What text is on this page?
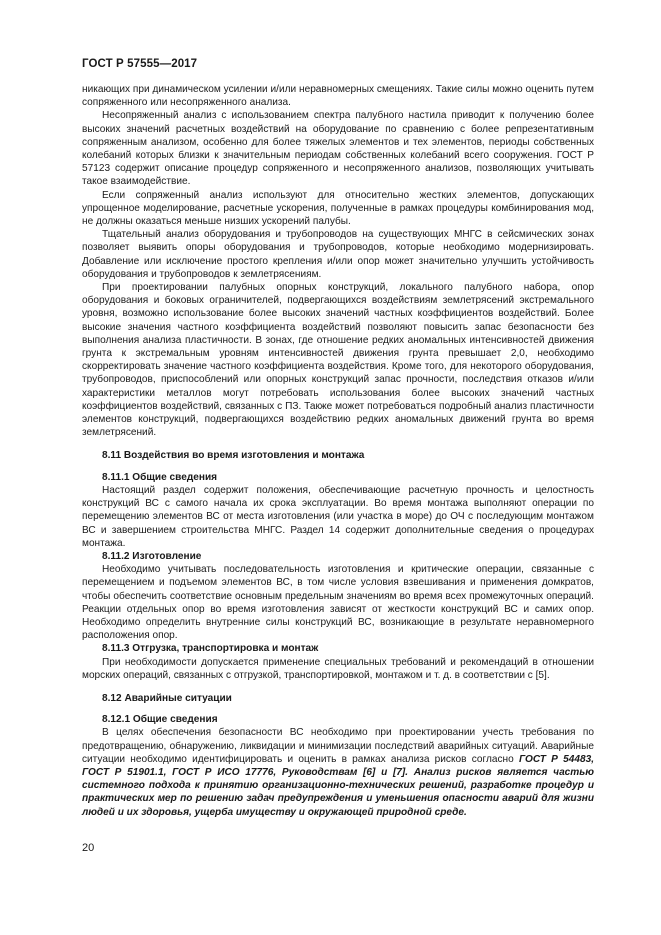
ГОСТ Р 57555—2017

никающих при динамическом усилении и/или неравномерных смещениях. Такие силы можно оценить путем сопряженного или несопряженного анализа.

Несопряженный анализ с использованием спектра палубного настила приводит к получению более высоких значений расчетных воздействий на оборудование по сравнению с более репрезентативным сопряженным анализом, особенно для более тяжелых элементов и тех элементов, периоды собственных колебаний которых близки к значительным периодам собственных колебаний всего сооружения. ГОСТ Р 57123 содержит описание процедур сопряженного и несопряженного анализов, позволяющих учитывать такое взаимодействие.

Если сопряженный анализ используют для относительно жестких элементов, допускающих упрощенное моделирование, расчетные ускорения, полученные в рамках процедуры комбинирования мод, не должны оказаться меньше низших ускорений палубы.

Тщательный анализ оборудования и трубопроводов на существующих МНГС в сейсмических зонах позволяет выявить опоры оборудования и трубопроводов, которые необходимо модернизировать. Добавление или исключение простого крепления и/или опор может значительно улучшить устойчивость оборудования и трубопроводов к землетрясениям.

При проектировании палубных опорных конструкций, локального палубного набора, опор оборудования и боковых ограничителей, подвергающихся воздействиям землетрясений экстремального уровня, возможно использование более высоких значений частных коэффициентов воздействий. Более высокие значения частного коэффициента воздействий позволяют повысить запас безопасности без выполнения анализа пластичности. В зонах, где отношение редких аномальных интенсивностей движения грунта к экстремальным уровням интенсивностей движения грунта превышает 2,0, необходимо скорректировать значение частного коэффициента воздействия. Кроме того, для некоторого оборудования, трубопроводов, приспособлений или опорных конструкций запас прочности, последствия отказов и/или характеристики металлов могут потребовать использования более высоких значений частных коэффициентов воздействий, связанных с ПЗ. Также может потребоваться подробный анализ пластичности элементов конструкций, подвергающихся воздействию редких аномальных движений грунта во время землетрясений.

8.11 Воздействия во время изготовления и монтажа

8.11.1 Общие сведения

Настоящий раздел содержит положения, обеспечивающие расчетную прочность и целостность конструкций ВС с самого начала их срока эксплуатации. Во время монтажа выполняют операции по перемещению элементов ВС от места изготовления (или участка в море) до ОЧ с последующим монтажом ВС и завершением строительства МНГС. Раздел 14 содержит дополнительные сведения о процедурах монтажа.

8.11.2 Изготовление

Необходимо учитывать последовательность изготовления и критические операции, связанные с перемещением и подъемом элементов ВС, в том числе условия взвешивания и применения домкратов, чтобы обеспечить соответствие основным предельным значениям во время всех промежуточных операций. Реакции отдельных опор во время изготовления зависят от жесткости конструкций ВС и самих опор. Необходимо определить внутренние силы конструкций ВС, возникающие в результате неравномерного расположения опор.

8.11.3 Отгрузка, транспортировка и монтаж

При необходимости допускается применение специальных требований и рекомендаций в отношении морских операций, связанных с отгрузкой, транспортировкой, монтажом и т. д. в соответствии с [5].

8.12 Аварийные ситуации

8.12.1 Общие сведения

В целях обеспечения безопасности ВС необходимо при проектировании учесть требования по предотвращению, обнаружению, ликвидации и минимизации последствий аварийных ситуаций. Аварийные ситуации необходимо идентифицировать и оценить в рамках анализа рисков согласно ГОСТ Р 54483, ГОСТ Р 51901.1, ГОСТ Р ИСО 17776, Руководствам [6] и [7]. Анализ рисков является частью системного подхода к принятию организационно-технических решений, разработке процедур и практических мер по решению задач предупреждения и уменьшения опасности аварий для жизни людей и их здоровья, ущерба имуществу и окружающей природной среде.

20
